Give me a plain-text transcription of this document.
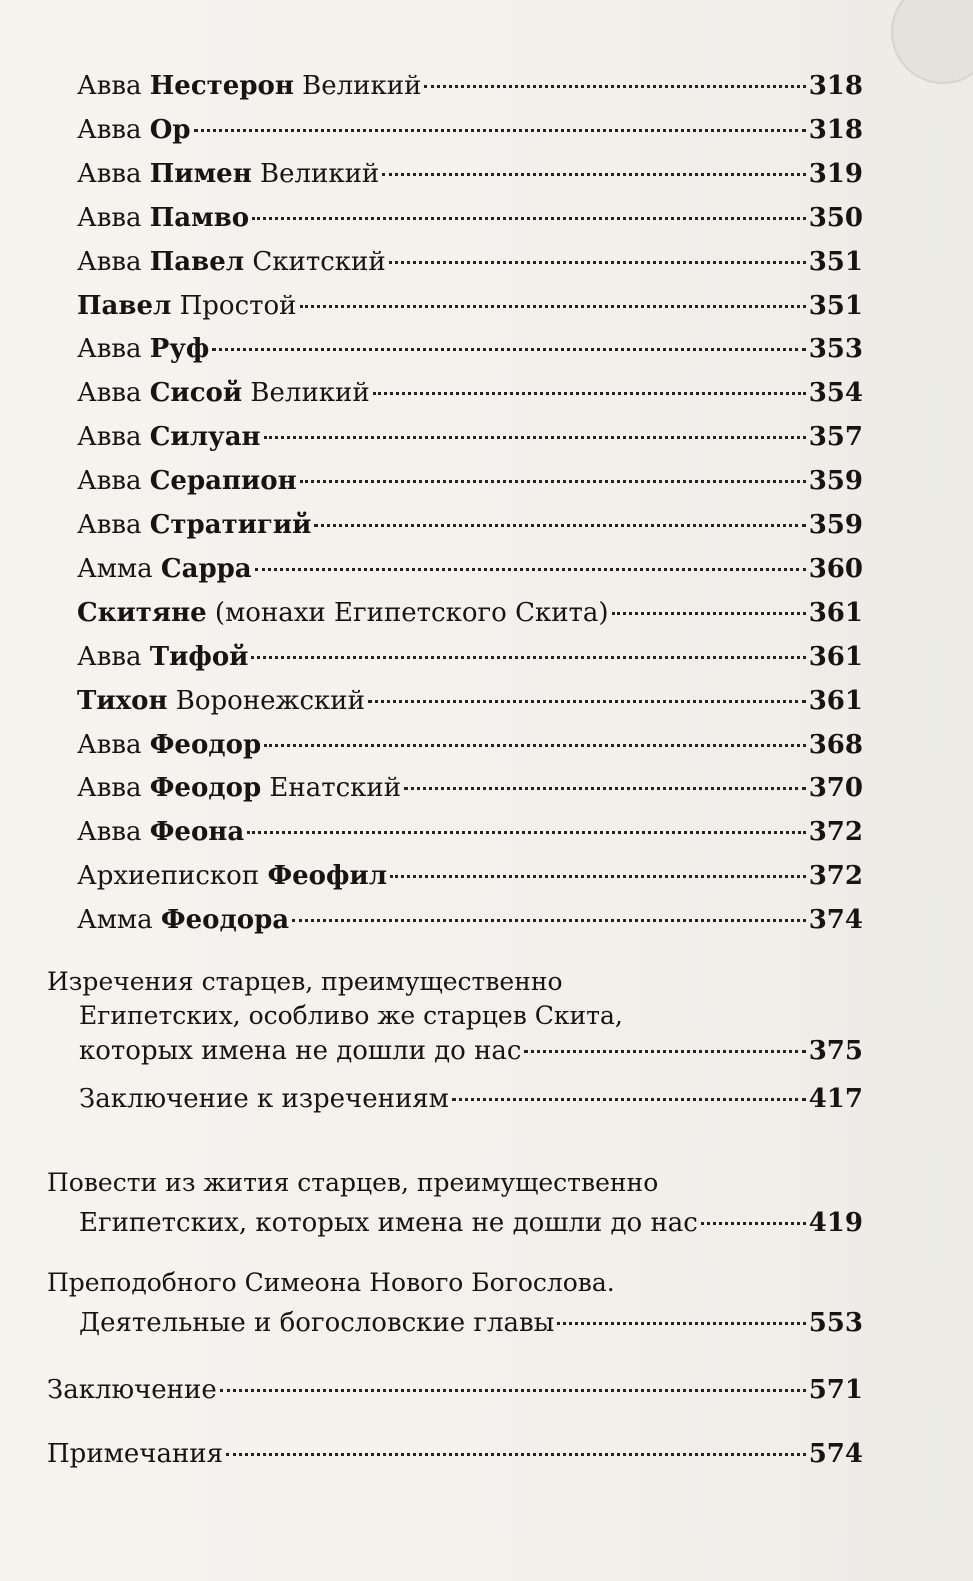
Авва Нестерон Великий	318
Авва Ор	318
Авва Пимен Великий	319
Авва Памво	350
Авва Павел Скитский	351
Павел Простой	351
Авва Руф	353
Авва Сисой Великий	354
Авва Силуан	357
Авва Серапион	359
Авва Стратигий	359
Амма Сарра	360
Скитяне (монахи Египетского Скита)	361
Авва Тифой	361
Тихон Воронежский	361
Авва Феодор	368
Авва Феодор Енатский	370
Авва Феона	372
Архиепископ Феофил	372
Амма Феодора	374
Изречения старцев, преимущественно
Египетских, особливо же старцев Скита,
которых имена не дошли до нас	375
Заключение к изречениям	417
Повести из жития старцев, преимущественно
Египетских, которых имена не дошли до нас	419
Преподобного Симеона Нового Богослова.
Деятельные и богословские главы	553
Заключение	571
Примечания	574
